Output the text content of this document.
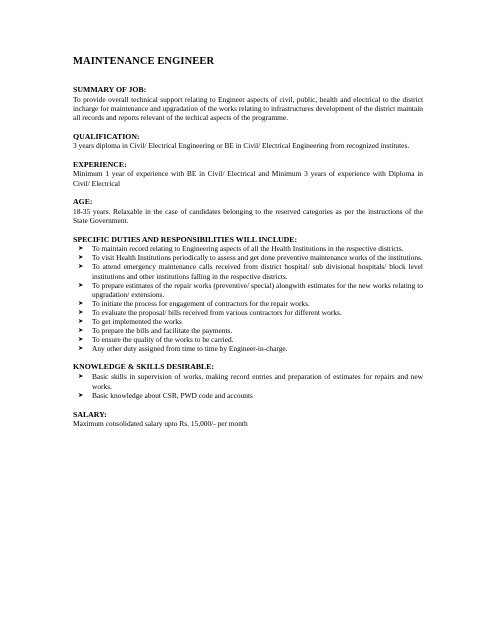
MAINTENANCE ENGINEER
SUMMARY OF JOB:

To provide overall technical support relating to Engineer aspects of civil, public, health and electrical to the district incharge for maintenance and upgradation of the works relating to infrastructures development of the district maintain all records and reports relevant of the techical aspects of the programme.

QUALIFICATION:

3 years diploma in Civil/ Electrical Engineering or BE in Civil/ Electrical Engineering from recognized institutes.

EXPERIENCE:

Minimum 1 year of experience with BE in Civil/ Electrical and Minimum 3 years of experience with Diploma in Civil/ Electrical

AGE:

18-35 years. Relaxable in the case of candidates belonging to the reserved categories as per the instructions of the State Government.

SPECIFIC DUTIES AND RESPONSIBILITIES WILL INCLUDE:
➤ To maintain record relating to Engineering aspects of all the Health Institutions in the respective districts.
➤ To visit Health Institutions periodically to assess and get done preventive maintenance works of the institutions.
➤ To attend emergency maintenance calls received from district hospital/ sub divisional hospitals/ block level institutions and other institutions falling in the respective districts.
➤ To prepare estimates of the repair works (preventive/ special) alongwith estimates for the new works relating to upgradation/ extensions.
➤ To initiate the process for engagement of contractors for the repair works.
➤ To evaluate the proposal/ bills received from various contractors for different works.
➤ To get implemented the works
➤ To prepare the bills and facilitate the payments.
➤ To ensure the quality of the works to be carried.
➤ Any other duty assigned from time to time by Engineer-in-charge.
KNOWLEDGE & SKILLS DESIRABLE:
➤ Basic skills in supervision of works, making record entries and preparation of estimates for repairs and new works.
➤ Basic knowledge about CSR, PWD code and accounts
SALARY:

Maximum consolidated salary upto Rs. 15,000/- per month
